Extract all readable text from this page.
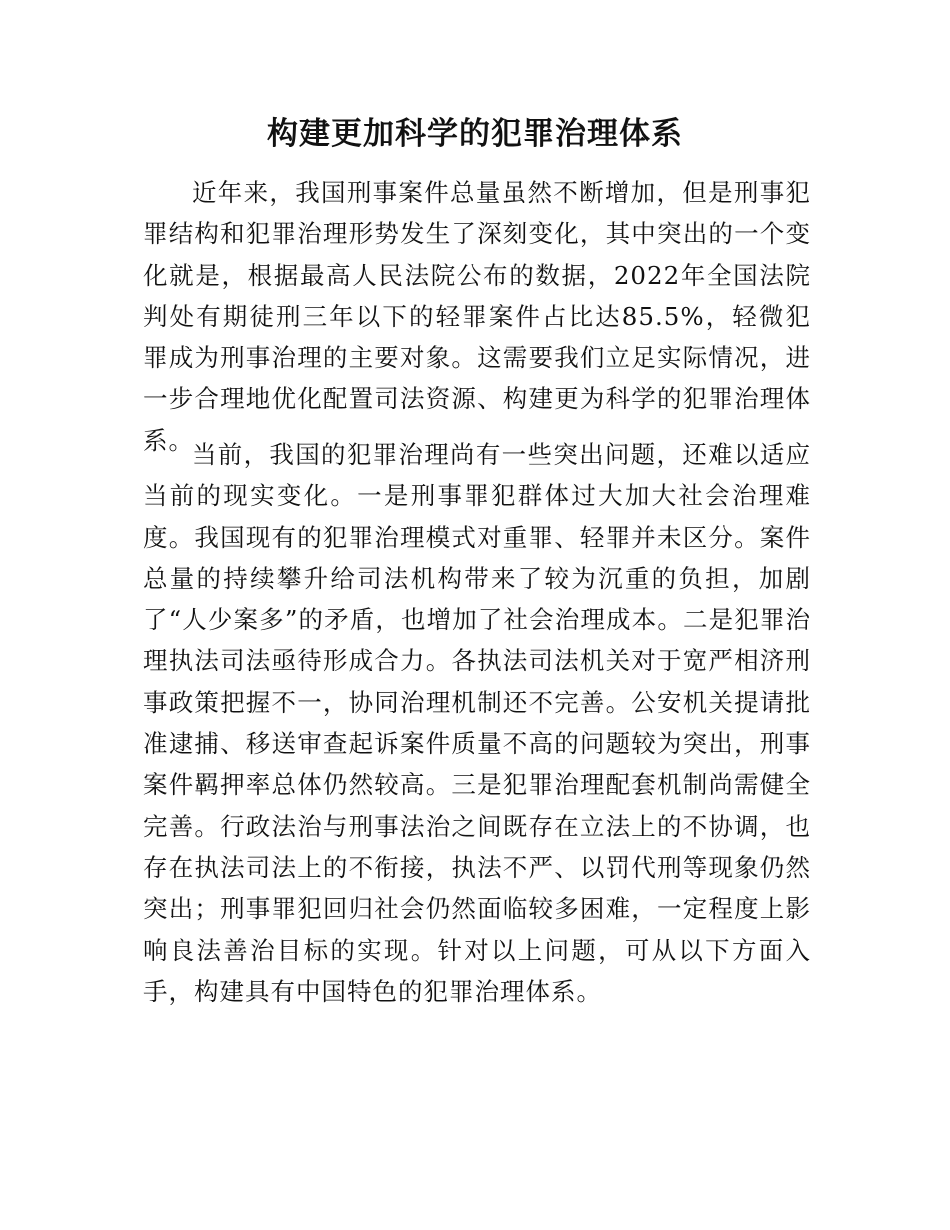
构建更加科学的犯罪治理体系

近年来，我国刑事案件总量虽然不断增加，但是刑事犯罪结构和犯罪治理形势发生了深刻变化，其中突出的一个变化就是，根据最高人民法院公布的数据，2022年全国法院判处有期徒刑三年以下的轻罪案件占比达85.5%，轻微犯罪成为刑事治理的主要对象。这需要我们立足实际情况，进一步合理地优化配置司法资源、构建更为科学的犯罪治理体系。

当前，我国的犯罪治理尚有一些突出问题，还难以适应当前的现实变化。一是刑事罪犯群体过大加大社会治理难度。我国现有的犯罪治理模式对重罪、轻罪并未区分。案件总量的持续攀升给司法机构带来了较为沉重的负担，加剧了“人少案多”的矛盾，也增加了社会治理成本。二是犯罪治理执法司法亟待形成合力。各执法司法机关对于宽严相济刑事政策把握不一，协同治理机制还不完善。公安机关提请批准逮捕、移送审查起诉案件质量不高的问题较为突出，刑事案件羁押率总体仍然较高。三是犯罪治理配套机制尚需健全完善。行政法治与刑事法治之间既存在立法上的不协调，也存在执法司法上的不衔接，执法不严、以罚代刑等现象仍然突出；刑事罪犯回归社会仍然面临较多困难，一定程度上影响良法善治目标的实现。针对以上问题，可从以下方面入手，构建具有中国特色的犯罪治理体系。
